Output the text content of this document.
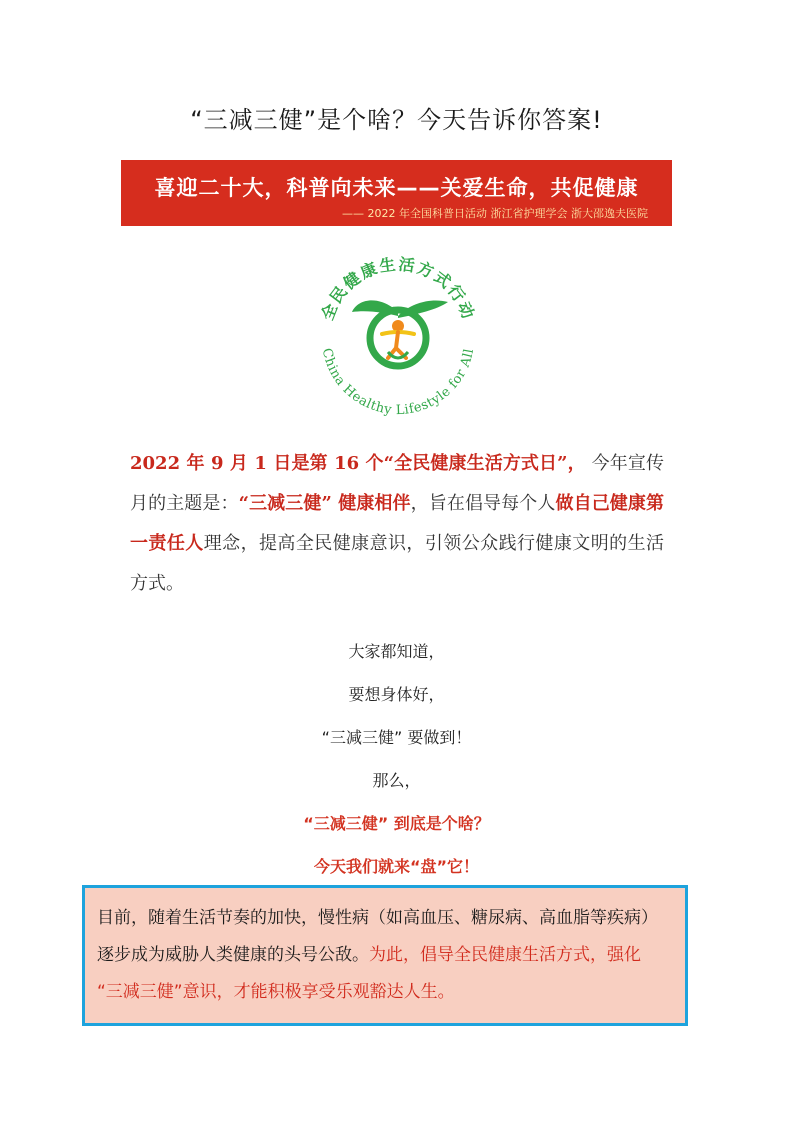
“三减三健”是个啥？今天告诉你答案!
喜迎二十大，科普向未来——关爱生命，共促健康
—— 2022 年全国科普日活动 浙江省护理学会 浙大邵逸夫医院
全民健康生活方式行动
China Healthy Lifestyle for All
2022 年 9 月 1 日是第 16 个“全民健康生活方式日”， 今年宣传月的主题是：“三减三健” 健康相伴，旨在倡导每个人做自己健康第一责任人理念，提高全民健康意识，引领公众践行健康文明的生活方式。
大家都知道，
要想身体好，
“三减三健” 要做到！
那么，
“三减三健” 到底是个啥？
今天我们就来“盘”它！
目前，随着生活节奏的加快，慢性病（如高血压、糖尿病、高血脂等疾病）逐步成为威胁人类健康的头号公敌。为此，倡导全民健康生活方式，强化
“三减三健”意识，才能积极享受乐观豁达人生。
